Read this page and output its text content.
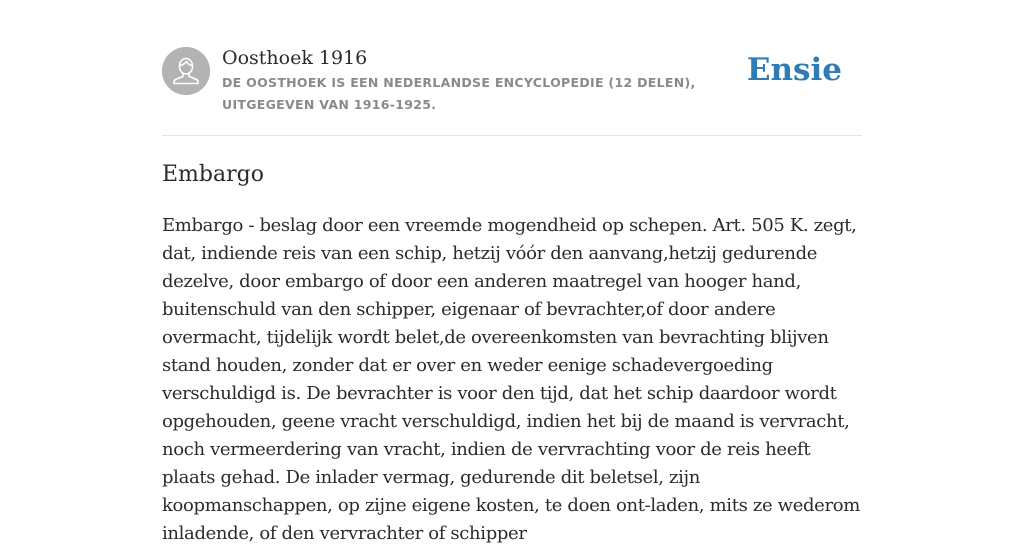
Oosthoek 1916
DE OOSTHOEK IS EEN NEDERLANDSE ENCYCLOPEDIE (12 DELEN), UITGEGEVEN VAN 1916-1925.
Ensie
Embargo

Embargo - beslag door een vreemde mogendheid op schepen. Art. 505 K. zegt, dat, indiende reis van een schip, hetzij vóór den aanvang,hetzij gedurende dezelve, door embargo of door een anderen maatregel van hooger hand, buitenschuld van den schipper, eigenaar of bevrachter,of door andere overmacht, tijdelijk wordt belet,de overeenkomsten van bevrachting blijven stand houden, zonder dat er over en weder eenige schadevergoeding verschuldigd is. De bevrachter is voor den tijd, dat het schip daardoor wordt opgehouden, geene vracht verschuldigd, indien het bij de maand is vervracht, noch vermeerdering van vracht, indien de vervrachting voor de reis heeft plaats gehad. De inlader vermag, gedurende dit beletsel, zijn koopmanschappen, op zijne eigene kosten, te doen ont-laden, mits ze wederom inladende, of den vervrachter of schipper
